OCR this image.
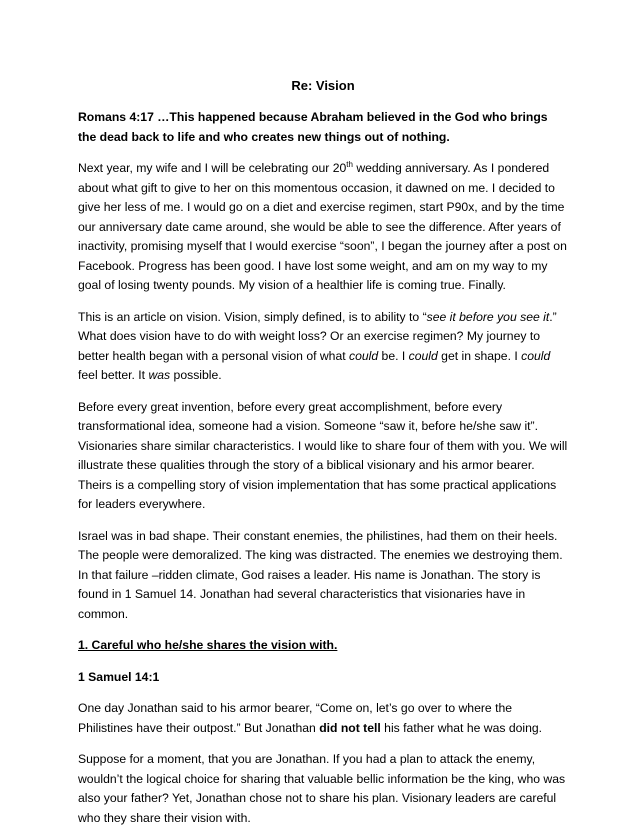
Re: Vision

Romans 4:17 …This happened because Abraham believed in the God who brings the dead back to life and who creates new things out of nothing.

Next year, my wife and I will be celebrating our 20th wedding anniversary. As I pondered about what gift to give to her on this momentous occasion, it dawned on me. I decided to give her less of me. I would go on a diet and exercise regimen, start P90x, and by the time our anniversary date came around, she would be able to see the difference. After years of inactivity, promising myself that I would exercise “soon”, I began the journey after a post on Facebook. Progress has been good. I have lost some weight, and am on my way to my goal of losing twenty pounds. My vision of a healthier life is coming true. Finally.

This is an article on vision. Vision, simply defined, is to ability to “see it before you see it.” What does vision have to do with weight loss? Or an exercise regimen? My journey to better health began with a personal vision of what could be. I could get in shape. I could feel better. It was possible.

Before every great invention, before every great accomplishment, before every transformational idea, someone had a vision. Someone “saw it, before he/she saw it”. Visionaries share similar characteristics. I would like to share four of them with you. We will illustrate these qualities through the story of a biblical visionary and his armor bearer. Theirs is a compelling story of vision implementation that has some practical applications for leaders everywhere.

Israel was in bad shape. Their constant enemies, the philistines, had them on their heels. The people were demoralized. The king was distracted. The enemies we destroying them. In that failure –ridden climate, God raises a leader. His name is Jonathan. The story is found in 1 Samuel 14. Jonathan had several characteristics that visionaries have in common.

1. Careful who he/she shares the vision with.

1 Samuel 14:1

One day Jonathan said to his armor bearer, “Come on, let’s go over to where the Philistines have their outpost.” But Jonathan did not tell his father what he was doing.

Suppose for a moment, that you are Jonathan. If you had a plan to attack the enemy, wouldn’t the logical choice for sharing that valuable bellic information be the king, who was also your father? Yet, Jonathan chose not to share his plan. Visionary leaders are careful who they share their vision with.
